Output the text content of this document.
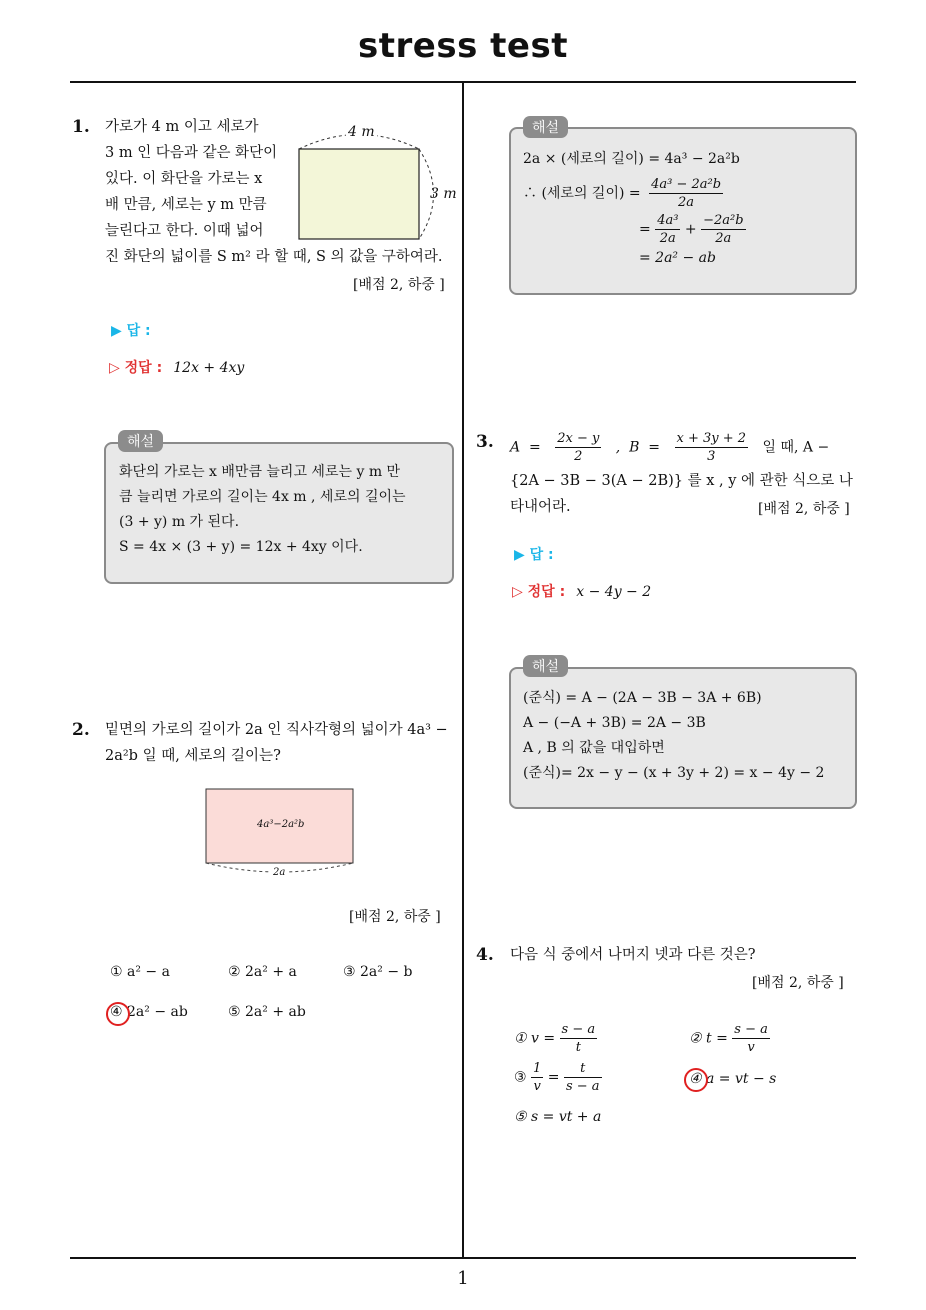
stress test
1
1. 가로가 4 m 이고 세로가
3 m 인 다음과 같은 화단이
있다. 이 화단을 가로는 x
배 만큼, 세로는 y m 만큼
늘린다고 한다. 이때 넓어
진 화단의 넓이를 S m² 라 할 때, S 의 값을 구하여라.
4 m
3 m
[배점 2, 하중 ]
▶ 답 :
▷ 정답 : 12x + 4xy
해설
화단의 가로는 x 배만큼 늘리고 세로는 y m 만
큼 늘리면 가로의 길이는 4x m , 세로의 길이는
(3 + y) m 가 된다.
S = 4x × (3 + y) = 12x + 4xy 이다.
2. 밑면의 가로의 길이가 2a 인 직사각형의 넓이가 4a³ −
2a²b 일 때, 세로의 길이는?
4a³−2a²b
2a
[배점 2, 하중 ]
① a² − a	② 2a² + a	③ 2a² − b
④ 2a² − ab	⑤ 2a² + ab
해설
2a × (세로의 길이) = 4a³ − 2a²b
∴ (세로의 길이) = $\frac{\text{4a³ − 2a²b}}{2a}$
= $\frac{\text{4a³}}{2a} + \frac{\text{−2a²b}}{2a}$
= 2a² − ab
3. $A = \frac{2x - y}{2}$ ,  $B = \frac{x + 3y + 2}{3}$ 일 때, A −
{2A − 3B − 3(A − 2B)} 를 x , y 에 관한 식으로 나
타내어라.	[배점 2, 하중 ]
▶ 답 :
▷ 정답 : x − 4y − 2
해설
(준식) = A − (2A − 3B − 3A + 6B)
A − (−A + 3B) = 2A − 3B
A , B 의 값을 대입하면
(준식)= 2x − y − (x + 3y + 2) = x − 4y − 2
4. 다음 식 중에서 나머지 넷과 다른 것은?
[배점 2, 하중 ]
① $v = \frac{s - a}{t}$	② $t = \frac{s - a}{v}$
③ $\frac{1}{v} = \frac{t}{s - a}$	④ a = vt − s
⑤ s = vt + a
